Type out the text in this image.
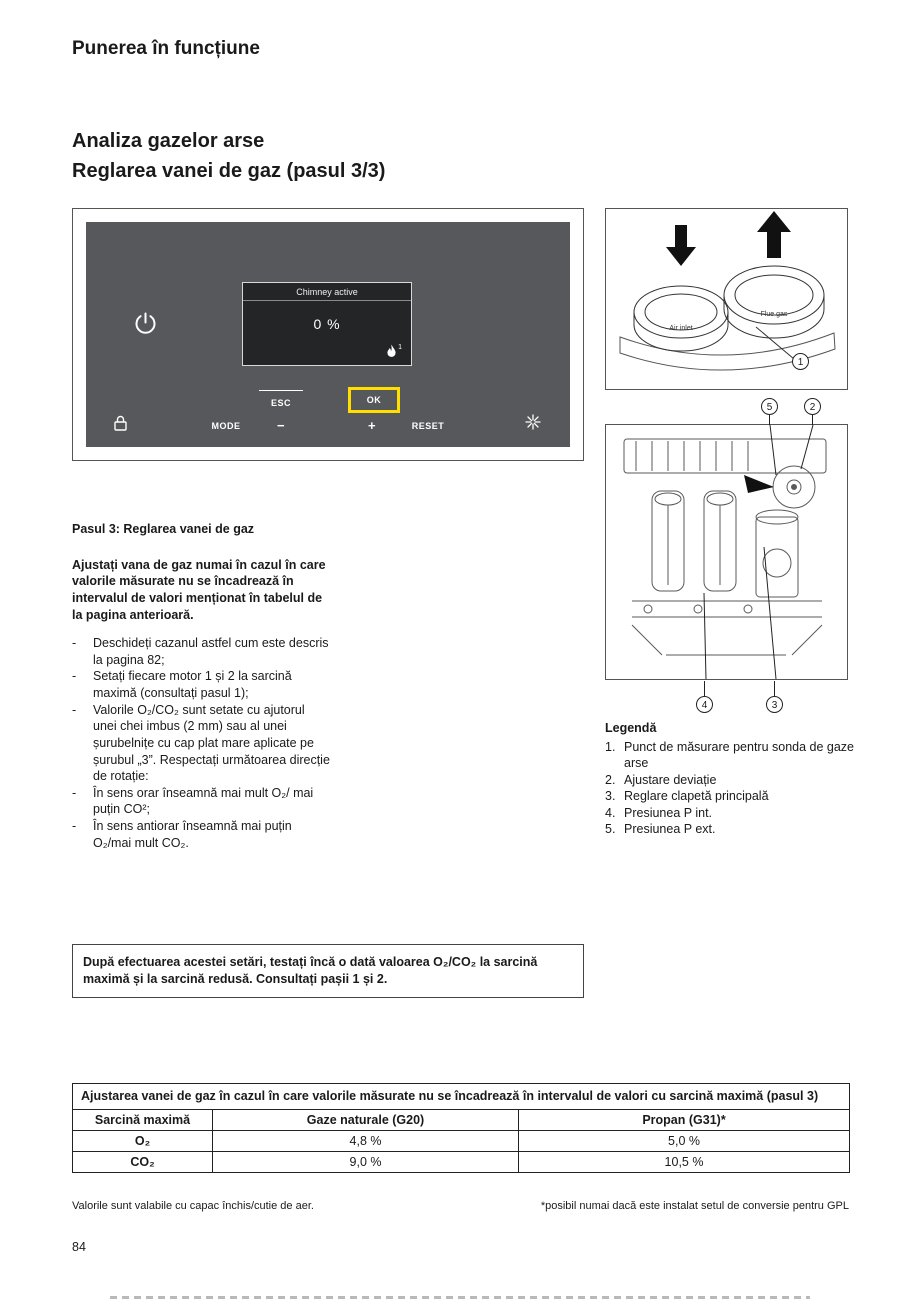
Punerea în funcțiune
Analiza gazelor arse
Reglarea vanei de gaz (pasul 3/3)
Chimney active
0 %
1
ESC	OK
MODE	−	+	RESET
Air inlet
Flue gas
1
5	2
4	3
Legendă
1. Punct de măsurare pentru sonda de gaze arse
2. Ajustare deviație
3. Reglare clapetă principală
4. Presiunea P int.
5. Presiunea P ext.
Pasul 3: Reglarea vanei de gaz

Ajustați vana de gaz numai în cazul în care valorile măsurate nu se încadrează în intervalul de valori menționat în tabelul de la pagina anterioară.

-	Deschideți cazanul astfel cum este descris la pagina 82;
-	Setați fiecare motor 1 și 2 la sarcină maximă (consultați pasul 1);
-	Valorile O₂/CO₂ sunt setate cu ajutorul unei chei imbus (2 mm) sau al unei șurubelnițe cu cap plat mare aplicate pe șurubul „3”. Respectați următoarea direcție de rotație:
-	În sens orar înseamnă mai mult O₂/ mai puțin CO²;
-	În sens antiorar înseamnă mai puțin O₂/mai mult CO₂.
După efectuarea acestei setări, testați încă o dată valoarea O₂/CO₂ la sarcină maximă și la sarcină redusă. Consultați pașii 1 și 2.
Ajustarea vanei de gaz în cazul în care valorile măsurate nu se încadrează în intervalul de valori cu sarcină maximă (pasul 3)		
Sarcină maximă	Gaze naturale (G20)	Propan (G31)*
O₂	4,8 %	5,0 %
CO₂	9,0 %	10,5 %
Valorile sunt valabile cu capac închis/cutie de aer.	*posibil numai dacă este instalat setul de conversie pentru GPL
84
